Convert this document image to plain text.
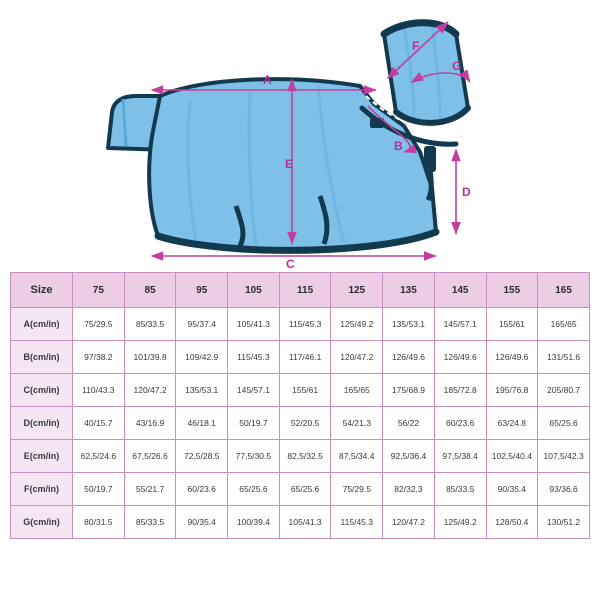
A
B
C
D
E
F
G
Size	75	85	95	105	115	125	135	145	155	165
A(cm/in)	75/29.5	85/33.5	95/37.4	105/41.3	115/45.3	125/49.2	135/53.1	145/57.1	155/61	165/65
B(cm/in)	97/38.2	101/39.8	109/42.9	115/45.3	117/46.1	120/47.2	126/49.6	126/49.6	126/49.6	131/51.6
C(cm/in)	110/43.3	120/47.2	135/53.1	145/57.1	155/61	165/65	175/68.9	185/72.8	195/76.8	205/80.7
D(cm/in)	40/15.7	43/16.9	46/18.1	50/19.7	52/20.5	54/21.3	56/22	60/23.6	63/24.8	65/25.6
E(cm/in)	62,5/24.6	67,5/26.6	72,5/28.5	77,5/30.5	82,5/32.5	87,5/34.4	92,5/36.4	97,5/38.4	102,5/40.4	107,5/42.3
F(cm/in)	50/19.7	55/21.7	60/23.6	65/25.6	65/25.6	75/29.5	82/32.3	85/33.5	90/35.4	93/36.6
G(cm/in)	80/31.5	85/33.5	90/35.4	100/39.4	105/41.3	115/45.3	120/47.2	125/49.2	128/50.4	130/51.2
